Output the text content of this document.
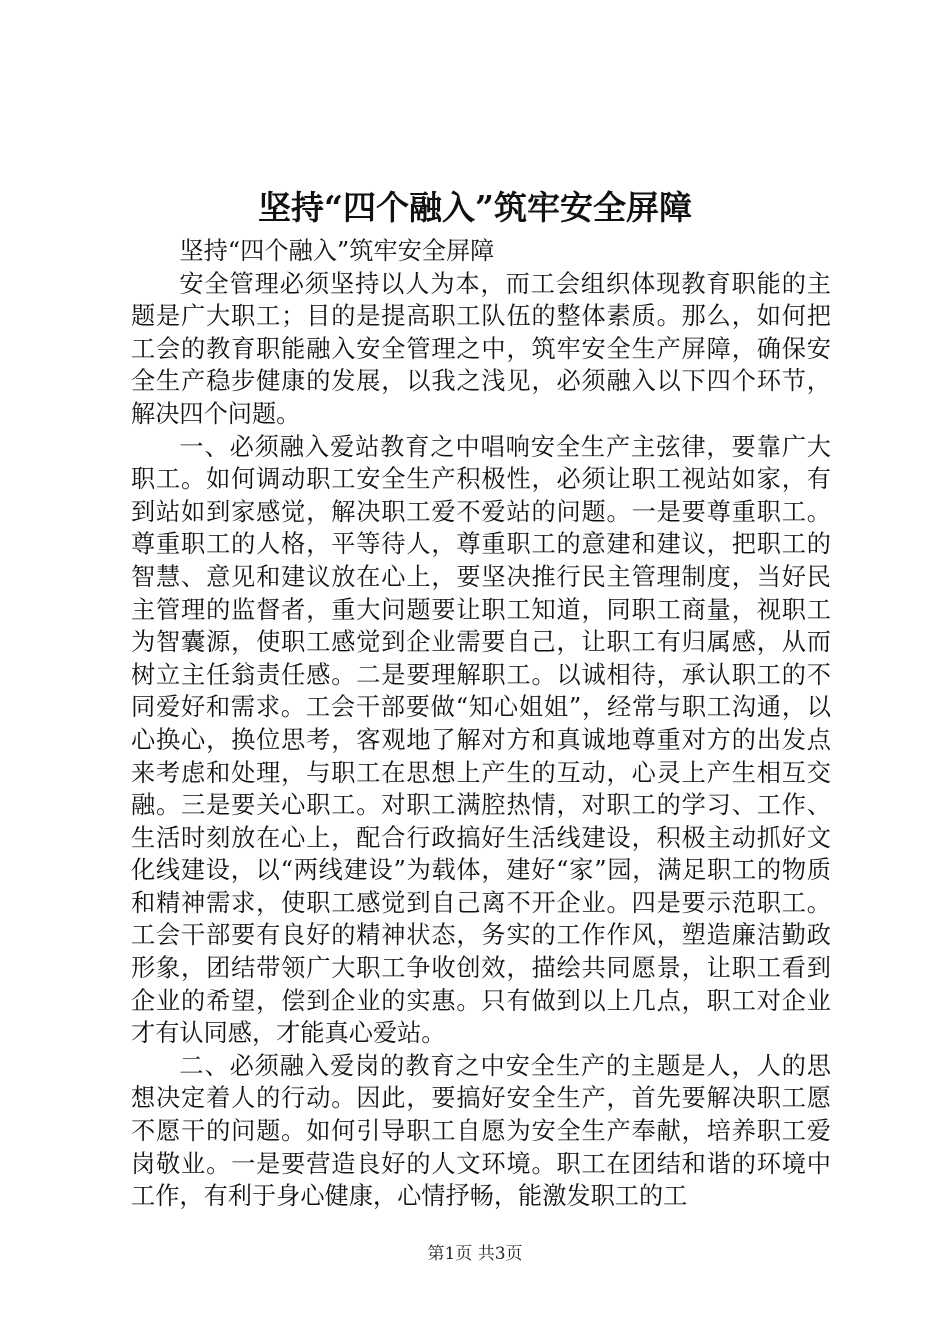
坚持“四个融入”筑牢安全屏障

坚持“四个融入”筑牢安全屏障

安全管理必须坚持以人为本，而工会组织体现教育职能的主题是广大职工；目的是提高职工队伍的整体素质。那么，如何把工会的教育职能融入安全管理之中，筑牢安全生产屏障，确保安全生产稳步健康的发展，以我之浅见，必须融入以下四个环节，解决四个问题。

一、必须融入爱站教育之中唱响安全生产主弦律，要靠广大职工。如何调动职工安全生产积极性，必须让职工视站如家，有到站如到家感觉，解决职工爱不爱站的问题。一是要尊重职工。尊重职工的人格，平等待人，尊重职工的意建和建议，把职工的智慧、意见和建议放在心上，要坚决推行民主管理制度，当好民主管理的监督者，重大问题要让职工知道，同职工商量，视职工为智囊源，使职工感觉到企业需要自己，让职工有归属感，从而树立主任翁责任感。二是要理解职工。以诚相待，承认职工的不同爱好和需求。工会干部要做“知心姐姐”，经常与职工沟通，以心换心，换位思考，客观地了解对方和真诚地尊重对方的出发点来考虑和处理，与职工在思想上产生的互动，心灵上产生相互交融。三是要关心职工。对职工满腔热情，对职工的学习、工作、生活时刻放在心上，配合行政搞好生活线建设，积极主动抓好文化线建设，以“两线建设”为载体，建好“家”园，满足职工的物质和精神需求，使职工感觉到自己离不开企业。四是要示范职工。工会干部要有良好的精神状态，务实的工作作风，塑造廉洁勤政形象，团结带领广大职工争收创效，描绘共同愿景，让职工看到企业的希望，偿到企业的实惠。只有做到以上几点，职工对企业才有认同感，才能真心爱站。

二、必须融入爱岗的教育之中安全生产的主题是人，人的思想决定着人的行动。因此，要搞好安全生产，首先要解决职工愿不愿干的问题。如何引导职工自愿为安全生产奉献，培养职工爱岗敬业。一是要营造良好的人文环境。职工在团结和谐的环境中工作，有利于身心健康，心情抒畅，能激发职工的工

第1页 共3页
